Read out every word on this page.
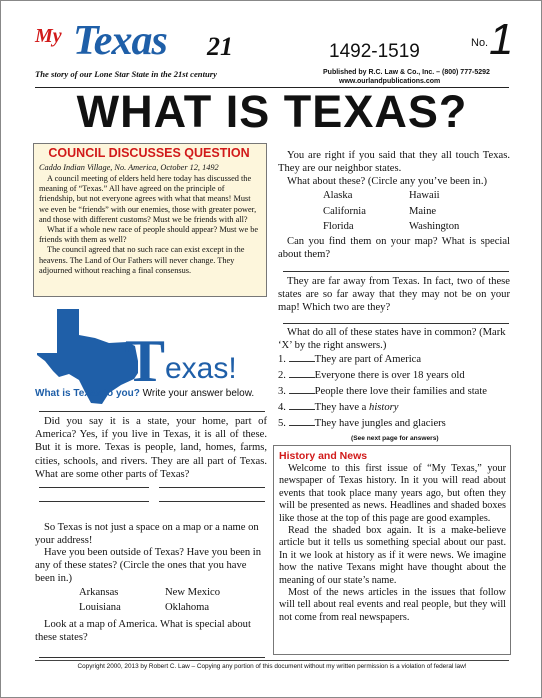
My Texas 21	1492-1519	No. 1
The story of our Lone Star State in the 21st century	Published by R.C. Law & Co., Inc. – (800) 777-5292
www.ourlandpublications.com
WHAT IS TEXAS?
COUNCIL DISCUSSES QUESTION
Caddo Indian Village, No. America, October 12, 1492

A council meeting of elders held here today has discussed the meaning of “Texas.” All have agreed on the principle of friendship, but not everyone agrees with what that means! Must we even be “friends” with our enemies, those with greater power, and those with different customs? Must we be friends with all?

What if a whole new race of people should appear? Must we be friends with them as well?

The council agreed that no such race can exist except in the heavens. The Land of Our Fathers will never change. They adjourned without reaching a final consensus.

T exas!
What is Texas to you? Write your answer below.
Did you say it is a state, your home, part of America? Yes, if you live in Texas, it is all of these. But it is more. Texas is people, land, homes, farms, cities, schools, and rivers. They are all part of Texas. What are some other parts of Texas?
So Texas is not just a space on a map or a name on your address!
Have you been outside of Texas? Have you been in any of these states? (Circle the ones that you have been in.)
Arkansas	New Mexico
Louisiana	Oklahoma
Look at a map of America. What is special about these states?
You are right if you said that they all touch Texas. They are our neighbor states.
What about these? (Circle any you’ve been in.)
Alaska	Hawaii
California	Maine
Florida	Washington
Can you find them on your map? What is special about them?
They are far away from Texas. In fact, two of these states are so far away that they may not be on your map! Which two are they?
What do all of these states have in common? (Mark ‘X’ by the right answers.)
1.	They are part of America
2.	Everyone there is over 18 years old
3.	People there love their families and state
4.	They have a history
5.	They have jungles and glaciers
(See next page for answers)
History and News

Welcome to this first issue of “My Texas,” your newspaper of Texas history. In it you will read about events that took place many years ago, but often they will be presented as news. Headlines and shaded boxes like those at the top of this page are good examples.

Read the shaded box again. It is a make-believe article but it tells us something special about our past. In it we look at history as if it were news. We imagine how the native Texans might have thought about the meaning of our state’s name.

Most of the news articles in the issues that follow will tell about real events and real people, but they will not come from real newspapers.

Copyright 2000, 2013 by Robert C. Law – Copying any portion of this document without my written permission is a violation of federal law!
